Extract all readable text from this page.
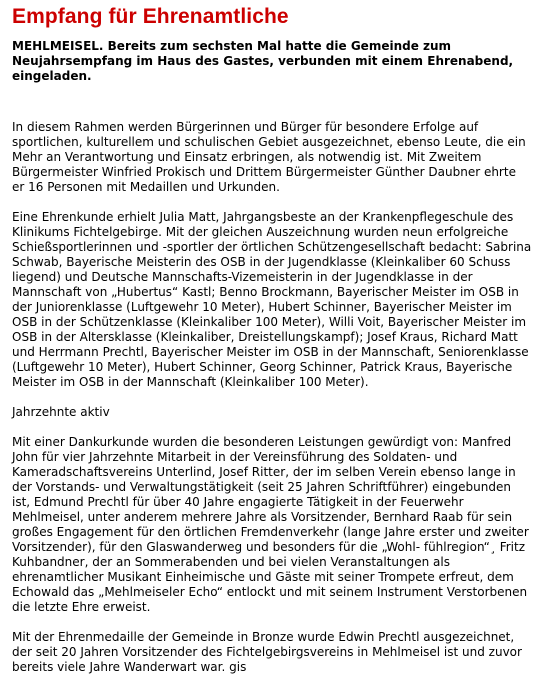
Empfang für Ehrenamtliche

MEHLMEISEL. Bereits zum sechsten Mal hatte die Gemeinde zum Neujahrsempfang im Haus des Gastes, verbunden mit einem Ehrenabend, eingeladen.

In diesem Rahmen werden Bürgerinnen und Bürger für besondere Erfolge auf sportlichen, kulturellem und schulischen Gebiet ausgezeichnet, ebenso Leute, die ein Mehr an Verantwortung und Einsatz erbringen, als notwendig ist. Mit Zweitem Bürgermeister Winfried Prokisch und Drittem Bürgermeister Günther Daubner ehrte er 16 Personen mit Medaillen und Urkunden.

Eine Ehrenkunde erhielt Julia Matt, Jahrgangsbeste an der Krankenpflegeschule des Klinikums Fichtelgebirge. Mit der gleichen Auszeichnung wurden neun erfolgreiche Schießsportlerinnen und -sportler der örtlichen Schützengesellschaft bedacht: Sabrina Schwab, Bayerische Meisterin des OSB in der Jugendklasse (Kleinkaliber 60 Schuss liegend) und Deutsche Mannschafts-Vizemeisterin in der Jugendklasse in der Mannschaft von „Hubertus“ Kastl; Benno Brockmann, Bayerischer Meister im OSB in der Juniorenklasse (Luftgewehr 10 Meter), Hubert Schinner, Bayerischer Meister im OSB in der Schützenklasse (Kleinkaliber 100 Meter), Willi Voit, Bayerischer Meister im OSB in der Altersklasse (Kleinkaliber, Dreistellungskampf); Josef Kraus, Richard Matt und Herrmann Prechtl, Bayerischer Meister im OSB in der Mannschaft, Seniorenklasse (Luftgewehr 10 Meter), Hubert Schinner, Georg Schinner, Patrick Kraus, Bayerische Meister im OSB in der Mannschaft (Kleinkaliber 100 Meter).

Jahrzehnte aktiv

Mit einer Dankurkunde wurden die besonderen Leistungen gewürdigt von: Manfred John für vier Jahrzehnte Mitarbeit in der Vereinsführung des Soldaten- und Kameradschaftsvereins Unterlind, Josef Ritter, der im selben Verein ebenso lange in der Vorstands- und Verwaltungstätigkeit (seit 25 Jahren Schriftführer) eingebunden ist, Edmund Prechtl für über 40 Jahre engagierte Tätigkeit in der Feuerwehr Mehlmeisel, unter anderem mehrere Jahre als Vorsitzender, Bernhard Raab für sein großes Engagement für den örtlichen Fremdenverkehr (lange Jahre erster und zweiter Vorsitzender), für den Glaswanderweg und besonders für die „Wohl- fühlregion“¸ Fritz Kuhbandner, der an Sommerabenden und bei vielen Veranstaltungen als ehrenamtlicher Musikant Einheimische und Gäste mit seiner Trompete erfreut, dem Echowald das „Mehlmeiseler Echo“ entlockt und mit seinem Instrument Verstorbenen die letzte Ehre erweist.

Mit der Ehrenmedaille der Gemeinde in Bronze wurde Edwin Prechtl ausgezeichnet, der seit 20 Jahren Vorsitzender des Fichtelgebirgsvereins in Mehlmeisel ist und zuvor bereits viele Jahre Wanderwart war. gis
